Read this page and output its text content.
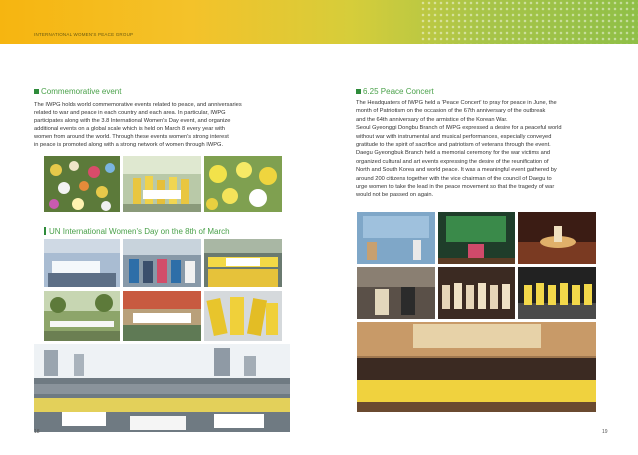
INTERNATIONAL WOMEN'S PEACE GROUP
Commemorative event
The IWPG holds world commemorative events related to peace, and anniversaries
related to war and peace in each country and each area. In particular, IWPG
participates along with the 3.8 International Women's Day event, and organize
additional events on a global scale which is held on March 8 every year with
women from around the world. Through these events women's strong interest
in peace is promoted along with a strong network of women through IWPG.
UN International Women's Day on the 8th of March
18
6.25 Peace Concert
The Headquaters of IWPG held a 'Peace Concert' to pray for peace in June, the
month of Patriotism on the occasion of the 67th anniversary of the outbreak
and the 64th anniversary of the armistice of the Korean War.
Seoul Gyeonggi Dongbu Branch of IWPG expressed a desire for a peaceful world
without war with instrumental and musical performances, especially conveyed
gratitude to the spirit of sacrifice and patriotism of veterans through the event.
Daegu Gyeongbuk Branch held a memorial ceremony for the war victims and
organized cultural and art events expressing the desire of the reunification of
North and South Korea and world peace. It was a meaningful event gathered by
around 200 citizens together with the vice chairman of the council of Daegu to
urge women to take the lead in the peace movement so that the tragedy of war
would not be passed on again.
19
